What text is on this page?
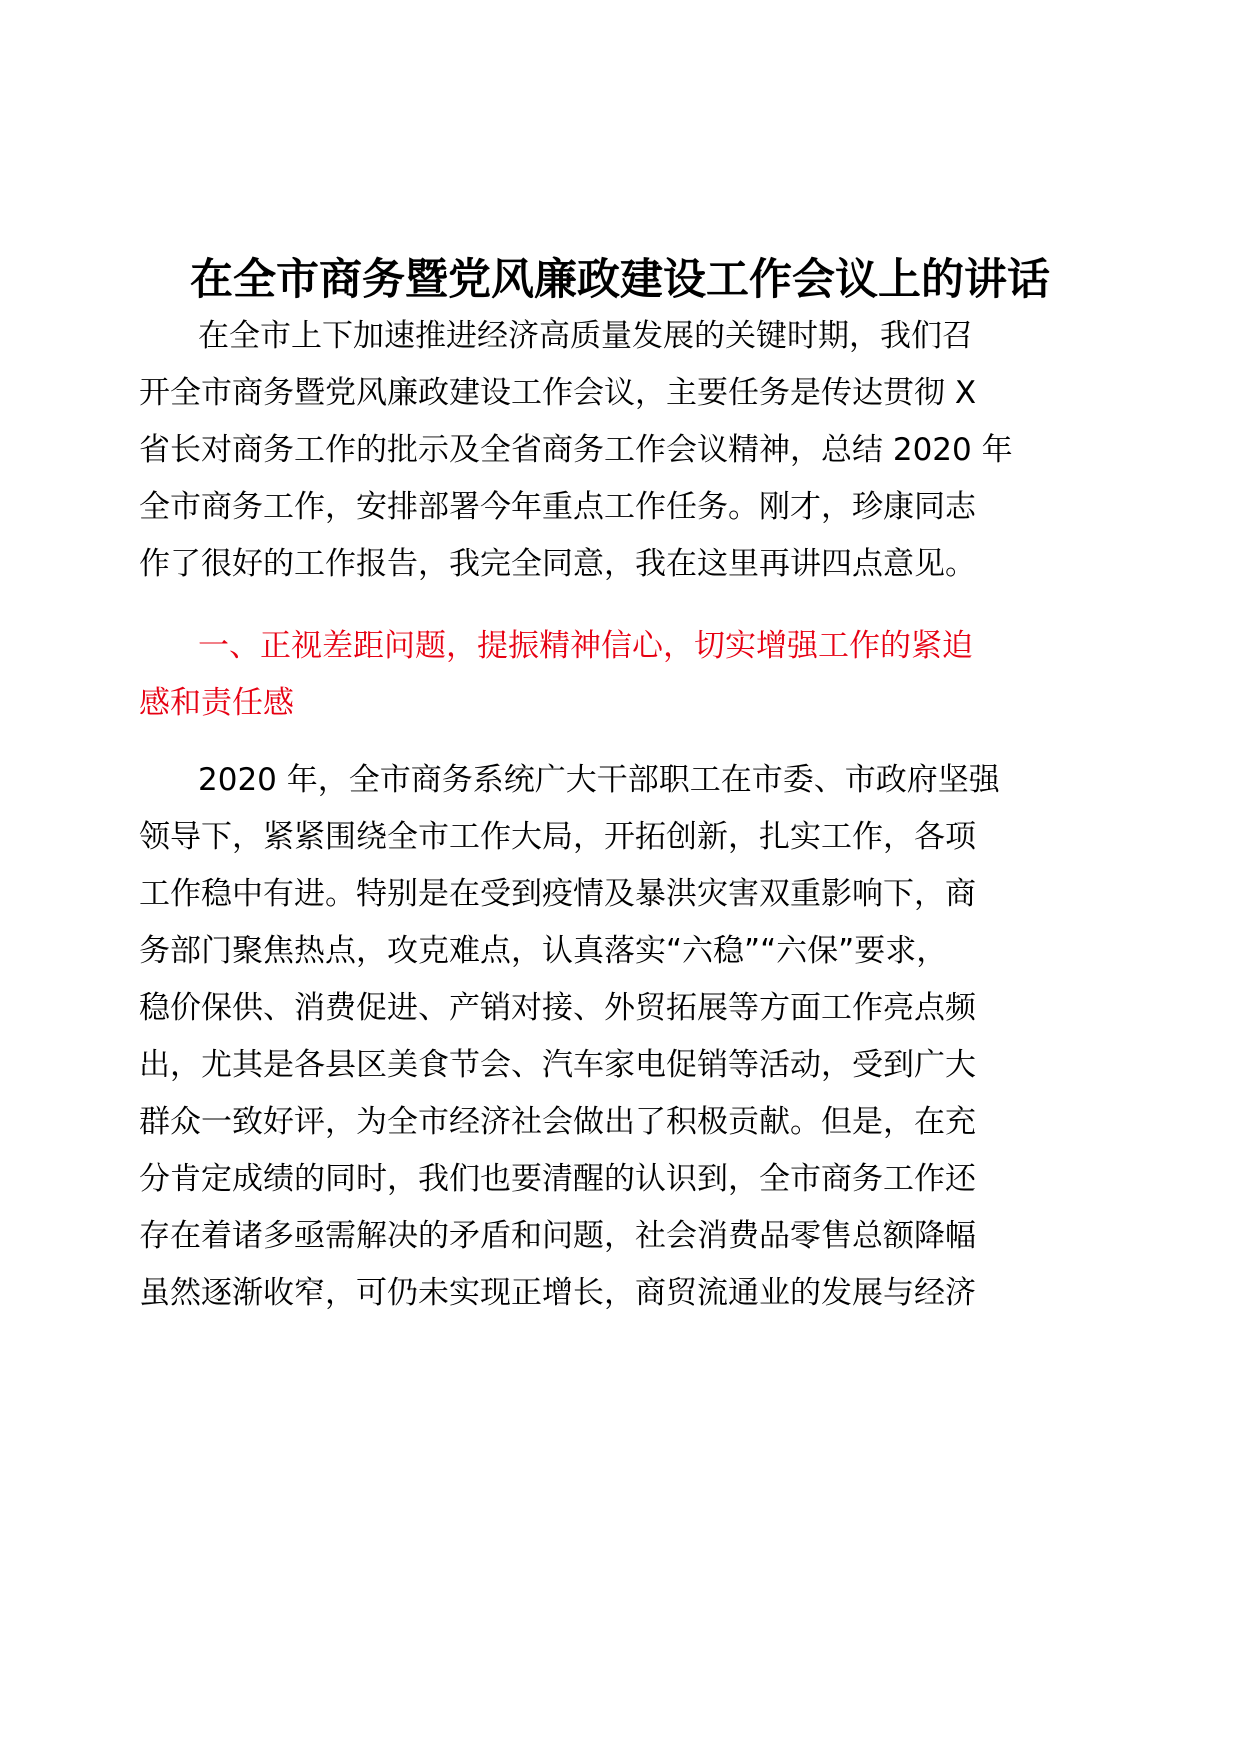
在全市商务暨党风廉政建设工作会议上的讲话
在全市上下加速推进经济高质量发展的关键时期，我们召
开全市商务暨党风廉政建设工作会议，主要任务是传达贯彻 X
省长对商务工作的批示及全省商务工作会议精神，总结 2020 年
全市商务工作，安排部署今年重点工作任务。刚才，珍康同志
作了很好的工作报告，我完全同意，我在这里再讲四点意见。
一、正视差距问题，提振精神信心，切实增强工作的紧迫
感和责任感
2020 年，全市商务系统广大干部职工在市委、市政府坚强
领导下，紧紧围绕全市工作大局，开拓创新，扎实工作，各项
工作稳中有进。特别是在受到疫情及暴洪灾害双重影响下，商
务部门聚焦热点，攻克难点，认真落实“六稳”“六保”要求，
稳价保供、消费促进、产销对接、外贸拓展等方面工作亮点频
出，尤其是各县区美食节会、汽车家电促销等活动，受到广大
群众一致好评，为全市经济社会做出了积极贡献。但是，在充
分肯定成绩的同时，我们也要清醒的认识到，全市商务工作还
存在着诸多亟需解决的矛盾和问题，社会消费品零售总额降幅
虽然逐渐收窄，可仍未实现正增长，商贸流通业的发展与经济
